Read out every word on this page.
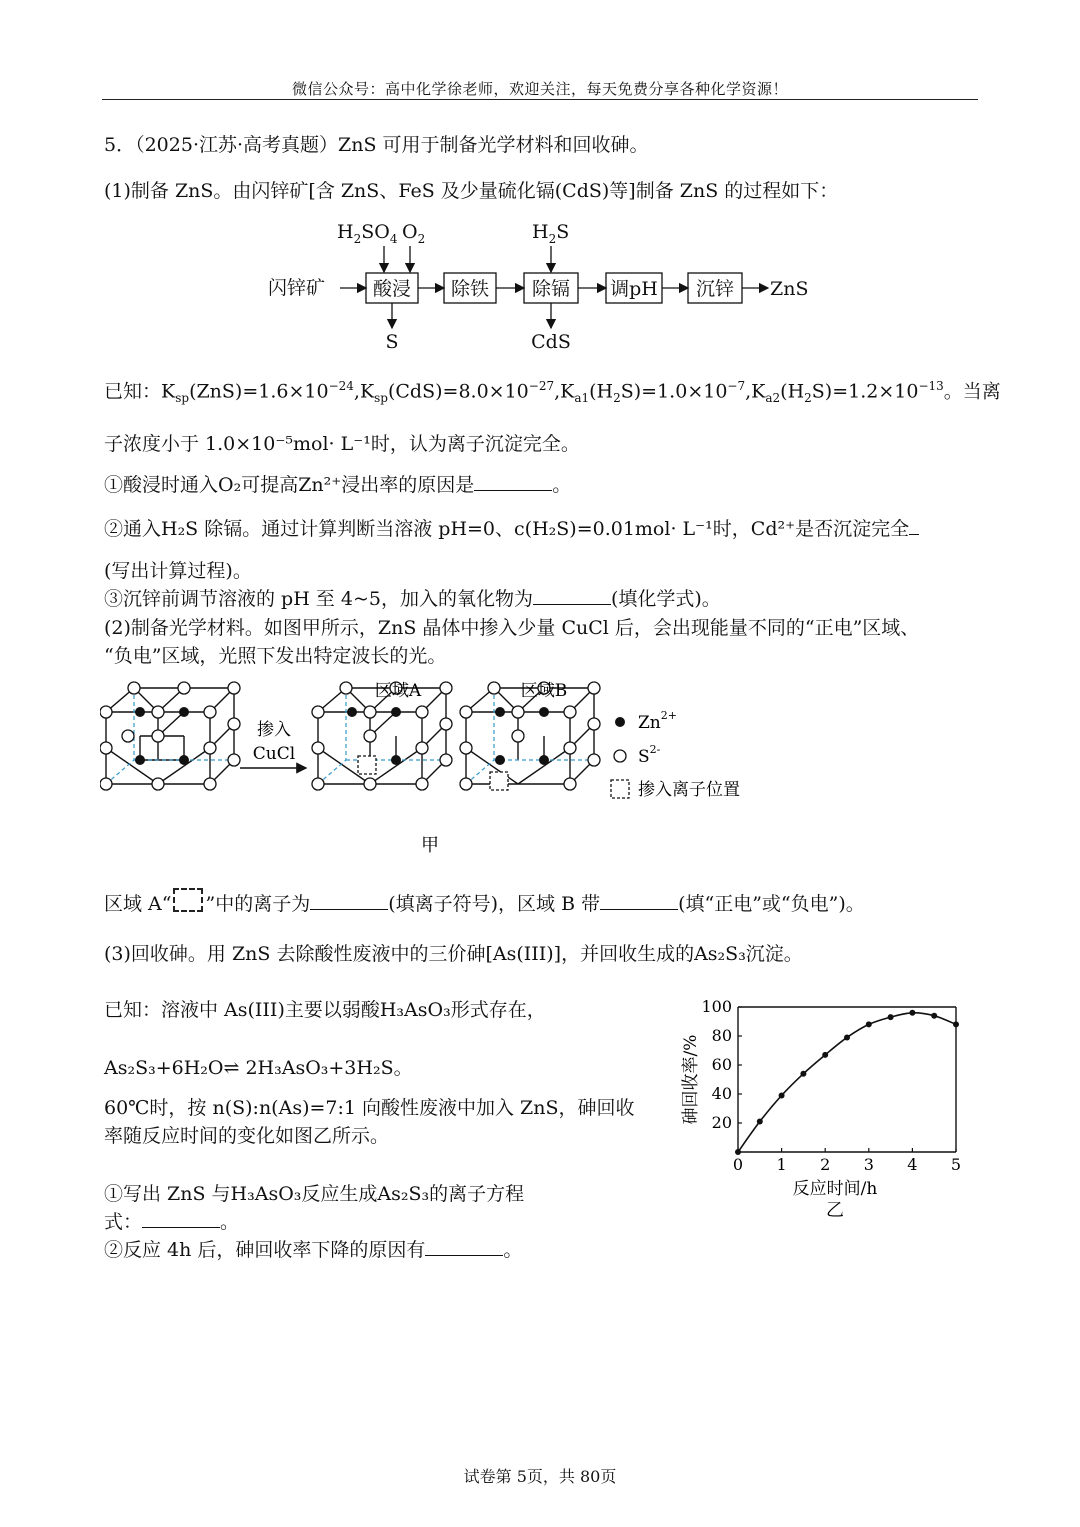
微信公众号：高中化学徐老师，欢迎关注，每天免费分享各种化学资源！
5．（2025·江苏·高考真题）ZnS 可用于制备光学材料和回收砷。
(1)制备 ZnS。由闪锌矿[含 ZnS、FeS 及少量硫化镉(CdS)等]制备 ZnS 的过程如下：
闪锌矿	酸浸 除铁 除镉 调pH 沉锌 ZnS
$H_2SO_4$ $O_2$	$H_2S$
S	CdS
已知：$K_{sp}(ZnS)=1.6\times 10^{-24},K_{sp}(CdS)=8.0\times 10^{-27},K_{a1}(H_2S)=1.0\times 10^{-7},K_{a2}(H_2S)=1.2\times 10^{-13}$。当离
子浓度小于 1.0×10⁻⁵mol· L⁻¹时，认为离子沉淀完全。
①酸浸时通入O₂可提高Zn²⁺浸出率的原因是	。
②通入H₂S 除镉。通过计算判断当溶液 pH=0、c(H₂S)=0.01mol· L⁻¹时，Cd²⁺是否沉淀完全
(写出计算过程)。
③沉锌前调节溶液的 pH 至 4~5，加入的氧化物为	(填化学式)。
(2)制备光学材料。如图甲所示，ZnS 晶体中掺入少量 CuCl 后，会出现能量不同的“正电”区域、
“负电”区域，光照下发出特定波长的光。
掺入
CuCl
区域A	区域B
$Zn^{2+}$
$S^{2-}$
掺入离子位置
甲
区域 A“ ”中的离子为	(填离子符号)，区域 B 带	(填“正电”或“负电”)。
(3)回收砷。用 ZnS 去除酸性废液中的三价砷[As(III)]，并回收生成的As₂S₃沉淀。
已知：溶液中 As(III)主要以弱酸H₃AsO₃形式存在，
As₂S₃+6H₂O⇌ 2H₃AsO₃+3H₂S。
60℃时，按 n(S):n(As)=7:1 向酸性废液中加入 ZnS，砷回收
率随反应时间的变化如图乙所示。
①写出 ZnS 与H₃AsO₃反应生成As₂S₃的离子方程
式：	。
②反应 4h 后，砷回收率下降的原因有	。
0 1 2 3 4 5
20
40
60
80
100
砷回收率/%
反应时间/h
乙
试卷第 5页，共 80页
